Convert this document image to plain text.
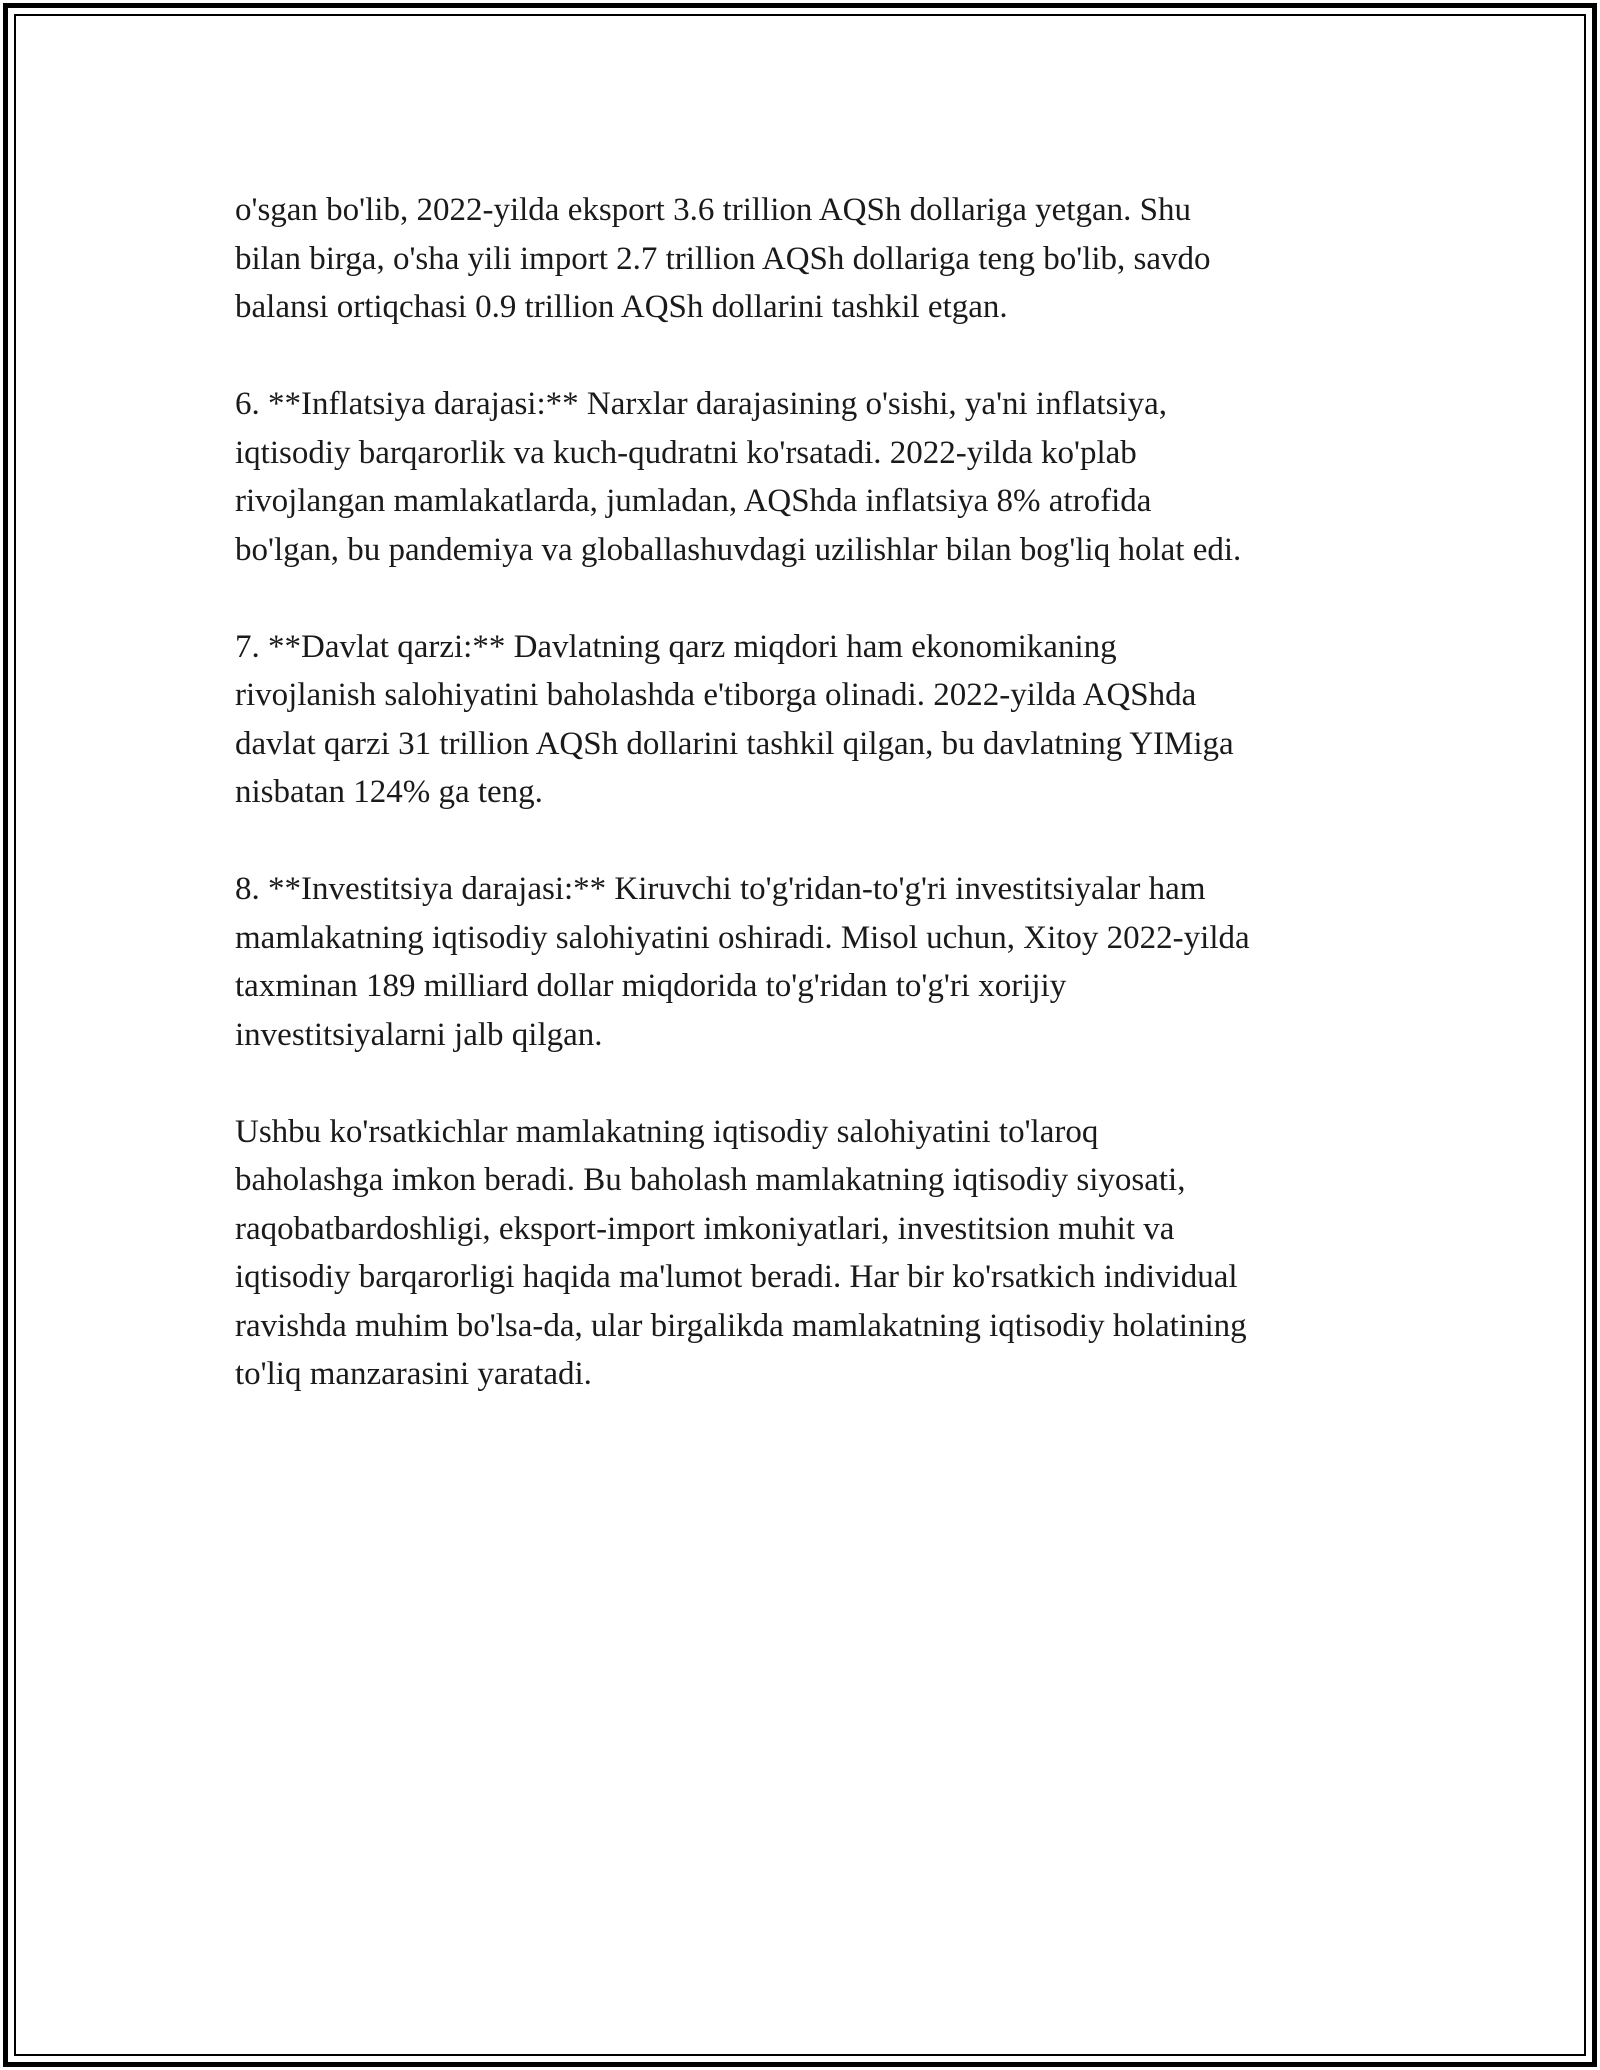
o'sgan bo'lib, 2022-yilda eksport 3.6 trillion AQSh dollariga yetgan. Shu
bilan birga, o'sha yili import 2.7 trillion AQSh dollariga teng bo'lib, savdo
balansi ortiqchasi 0.9 trillion AQSh dollarini tashkil etgan.

6. **Inflatsiya darajasi:** Narxlar darajasining o'sishi, ya'ni inflatsiya,
iqtisodiy barqarorlik va kuch-qudratni ko'rsatadi. 2022-yilda ko'plab
rivojlangan mamlakatlarda, jumladan, AQShda inflatsiya 8% atrofida
bo'lgan, bu pandemiya va globallashuvdagi uzilishlar bilan bog'liq holat edi.

7. **Davlat qarzi:** Davlatning qarz miqdori ham ekonomikaning
rivojlanish salohiyatini baholashda e'tiborga olinadi. 2022-yilda AQShda
davlat qarzi 31 trillion AQSh dollarini tashkil qilgan, bu davlatning YIMiga
nisbatan 124% ga teng.

8. **Investitsiya darajasi:** Kiruvchi to'g'ridan-to'g'ri investitsiyalar ham
mamlakatning iqtisodiy salohiyatini oshiradi. Misol uchun, Xitoy 2022-yilda
taxminan 189 milliard dollar miqdorida to'g'ridan to'g'ri xorijiy
investitsiyalarni jalb qilgan.

Ushbu ko'rsatkichlar mamlakatning iqtisodiy salohiyatini to'laroq
baholashga imkon beradi. Bu baholash mamlakatning iqtisodiy siyosati,
raqobatbardoshligi, eksport-import imkoniyatlari, investitsion muhit va
iqtisodiy barqarorligi haqida ma'lumot beradi. Har bir ko'rsatkich individual
ravishda muhim bo'lsa-da, ular birgalikda mamlakatning iqtisodiy holatining
to'liq manzarasini yaratadi.
